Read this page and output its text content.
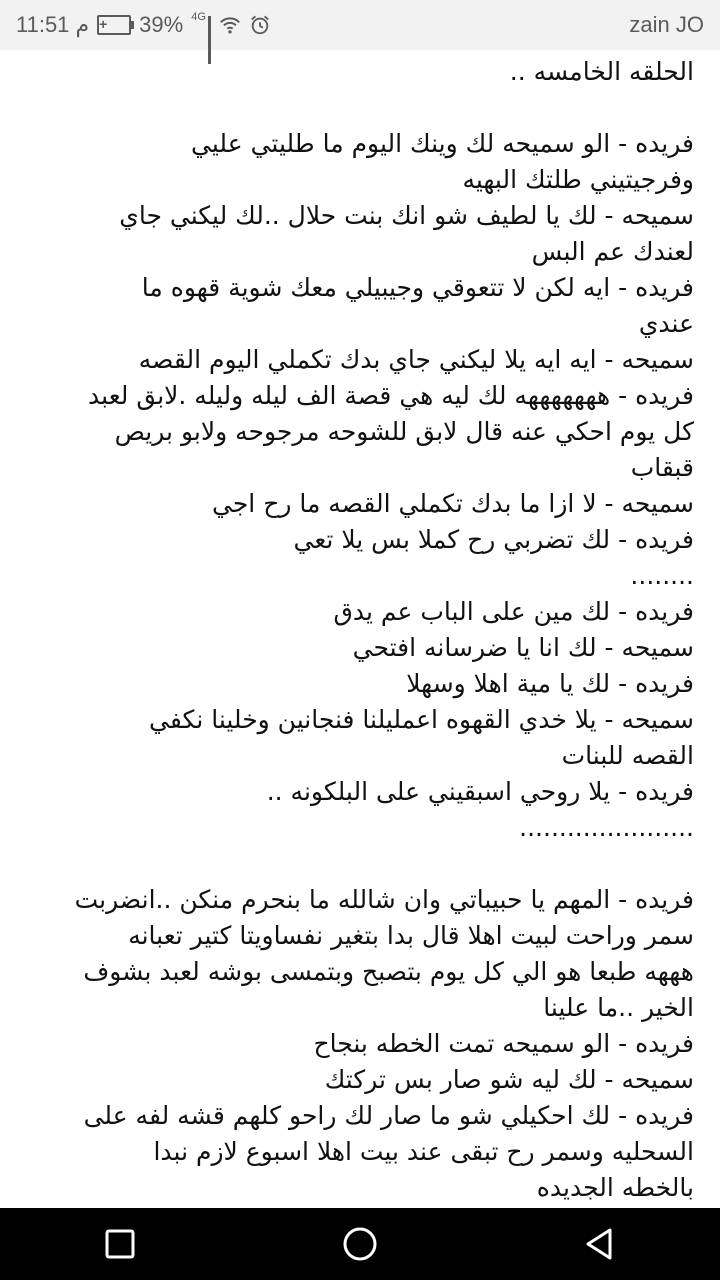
11:51 م +	39% 4G	zain JO
الحلقه الخامسه ..
فريده - الو سميحه لك وينك اليوم ما طليتي عليي
وفرجيتيني طلتك البهيه
سميحه - لك يا لطيف شو انك بنت حلال ..لك ليكني جاي
لعندك عم البس
فريده - ايه لكن لا تتعوقي وجيبيلي معك شوية قهوه ما
عندي
سميحه - ايه ايه يلا ليكني جاي بدك تكملي اليوم القصه
فريده - هههههههه لك ليه هي قصة الف ليله وليله .لابق لعبد
كل يوم احكي عنه قال لابق للشوحه مرجوحه ولابو بريص
قبقاب
سميحه - لا ازا ما بدك تكملي القصه ما رح اجي
فريده - لك تضربي رح كملا بس يلا تعي
........
فريده - لك مين على الباب عم يدق
سميحه - لك انا يا ضرسانه افتحي
فريده - لك يا مية اهلا وسهلا
سميحه - يلا خدي القهوه اعمليلنا فنجانين وخلينا نكفي
القصه للبنات
فريده - يلا روحي اسبقيني على البلكونه ..
......................
فريده - المهم يا حبيباتي وان شالله ما بنحرم منكن ..انضربت
سمر وراحت لبيت اهلا قال بدا بتغير نفساويتا كتير تعبانه
هههه طبعا هو الي كل يوم بتصبح وبتمسى بوشه لعبد بشوف
الخير ..ما علينا
فريده - الو سميحه تمت الخطه بنجاح
سميحه - لك ليه شو صار بس تركتك
فريده - لك احكيلي شو ما صار لك راحو كلهم قشه لفه على
السحليه وسمر رح تبقى عند بيت اهلا اسبوع لازم نبدا
بالخطه الجديده
